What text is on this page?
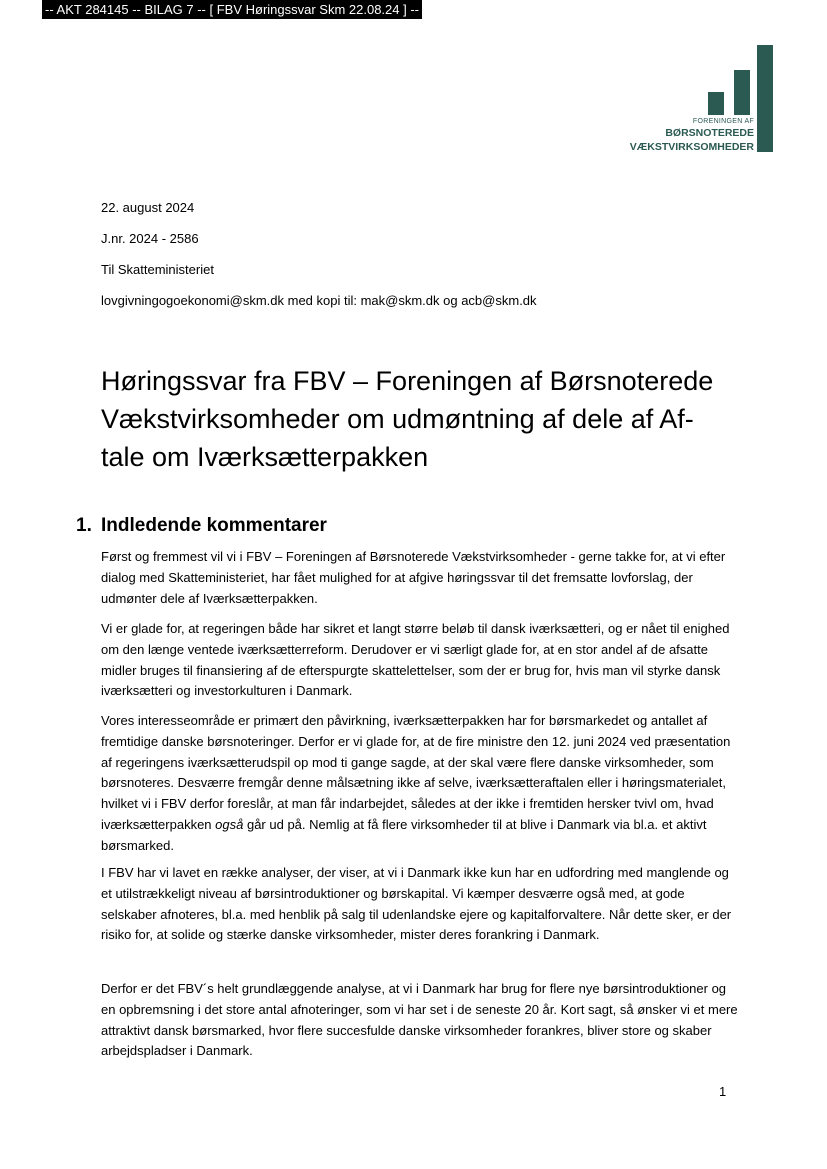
-- AKT 284145 -- BILAG 7 -- [ FBV Høringssvar Skm 22.08.24 ] --
FORENINGEN AF
BØRSNOTEREDE
VÆKSTVIRKSOMHEDER
22. august 2024
J.nr. 2024 - 2586
Til Skatteministeriet
lovgivningogoekonomi@skm.dk med kopi til: mak@skm.dk og acb@skm.dk
Høringssvar fra FBV – Foreningen af Børsnoterede
Vækstvirksomheder om udmøntning af dele af Af-
tale om Iværksætterpakken
1. Indledende kommentarer

Først og fremmest vil vi i FBV – Foreningen af Børsnoterede Vækstvirksomheder - gerne takke for, at vi efter dialog med Skatteministeriet, har fået mulighed for at afgive høringssvar til det fremsatte lovforslag, der udmønter dele af Iværksætterpakken.

Vi er glade for, at regeringen både har sikret et langt større beløb til dansk iværksætteri, og er nået til enighed om den længe ventede iværksætterreform. Derudover er vi særligt glade for, at en stor andel af de afsatte midler bruges til finansiering af de efterspurgte skattelettelser, som der er brug for, hvis man vil styrke dansk iværksætteri og investorkulturen i Danmark.

Vores interesseområde er primært den påvirkning, iværksætterpakken har for børsmarkedet og antallet af fremtidige danske børsnoteringer. Derfor er vi glade for, at de fire ministre den 12. juni 2024 ved præsentation af regeringens iværksætterudspil op mod ti gange sagde, at der skal være flere danske virksomheder, som børsnoteres. Desværre fremgår denne målsætning ikke af selve, iværksætteraftalen eller i høringsmaterialet, hvilket vi i FBV derfor foreslår, at man får indarbejdet, således at der ikke i fremtiden hersker tvivl om, hvad iværksætterpakken også går ud på. Nemlig at få flere virksomheder til at blive i Danmark via bl.a. et aktivt børsmarked.

I FBV har vi lavet en række analyser, der viser, at vi i Danmark ikke kun har en udfordring med manglende og et utilstrækkeligt niveau af børsintroduktioner og børskapital. Vi kæmper desværre også med, at gode selskaber afnoteres, bl.a. med henblik på salg til udenlandske ejere og kapitalforvaltere. Når dette sker, er der risiko for, at solide og stærke danske virksomheder, mister deres forankring i Danmark.

Derfor er det FBV´s helt grundlæggende analyse, at vi i Danmark har brug for flere nye børsintroduktioner og en opbremsning i det store antal afnoteringer, som vi har set i de seneste 20 år. Kort sagt, så ønsker vi et mere attraktivt dansk børsmarked, hvor flere succesfulde danske virksomheder forankres, bliver store og skaber arbejdspladser i Danmark.

1
